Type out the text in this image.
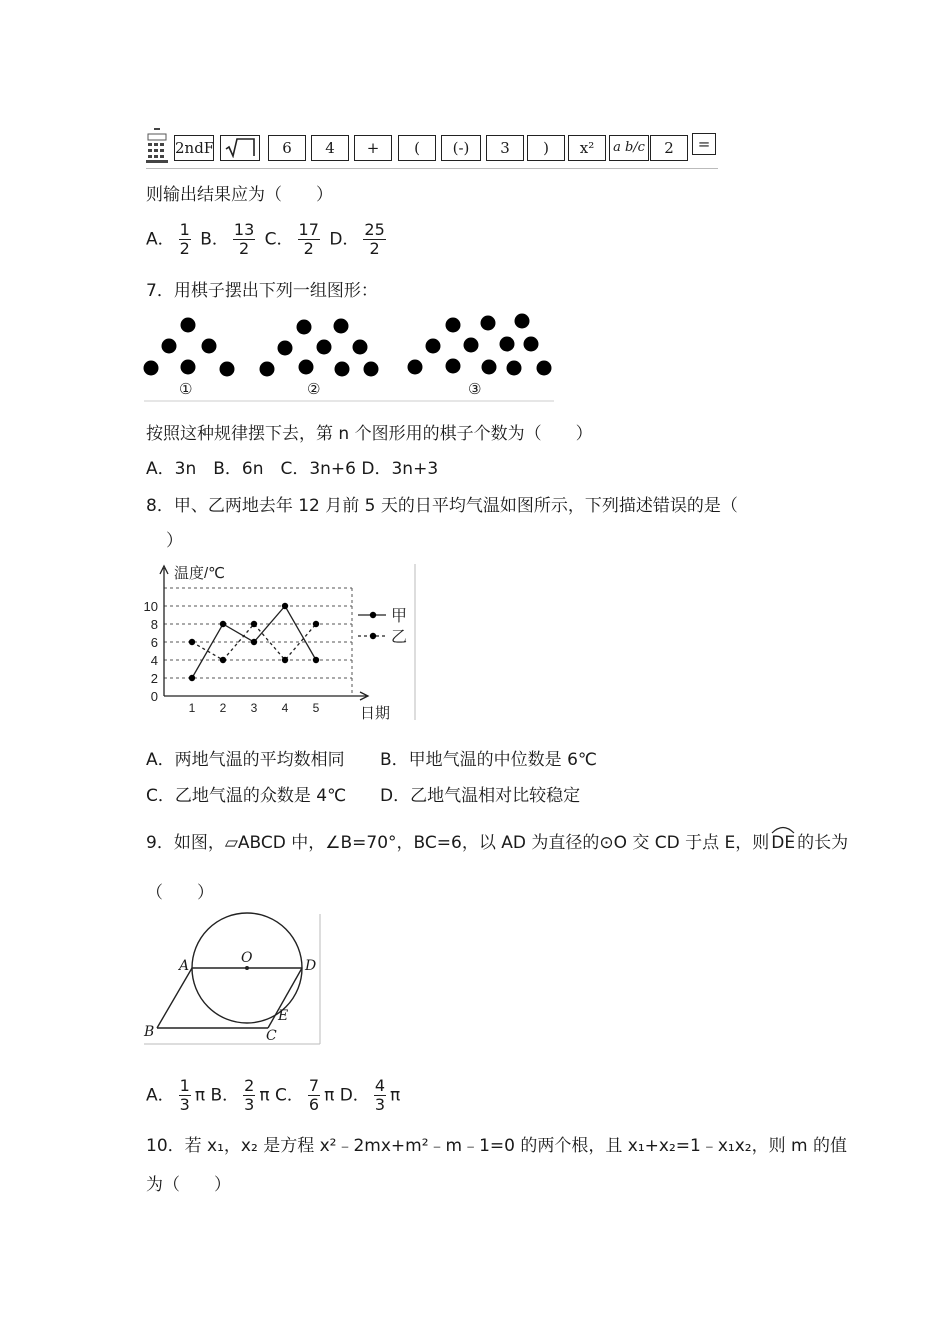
2ndF	6	4	+	(	(-)	3	)	x²	a b/c	2	=
则输出结果应为（　　）
A． $\frac{1}{2}$ B． $\frac{13}{2}$ C． $\frac{17}{2}$ D． $\frac{25}{2}$
7．用棋子摆出下列一组图形：
①	②	③
按照这种规律摆下去，第 n 个图形用的棋子个数为（　　）
A．3n　B．6n　C．3n+6 D．3n+3
8．甲、乙两地去年 12 月前 5 天的日平均气温如图所示，下列描述错误的是（
）
温度/℃
日期
0
2
4
6
8
10
1 2 3 4 5
甲
乙
A．两地气温的平均数相同 B．甲地气温的中位数是 6℃
C．乙地气温的众数是 4℃ D．乙地气温相对比较稳定
9．如图，▱ABCD 中，∠B=70°，BC=6，以 AD 为直径的⊙O 交 CD 于点 E，则 DE 的长为
（　　）
A	O	D
B	C
E
A． $\frac{1}{3}$ π B． $\frac{2}{3}$ π C． $\frac{7}{6}$ π D． $\frac{4}{3}$ π
10．若 x₁，x₂ 是方程 x²﹣2mx+m²﹣m﹣1=0 的两个根，且 x₁+x₂=1﹣x₁x₂，则 m 的值
为（　　）
